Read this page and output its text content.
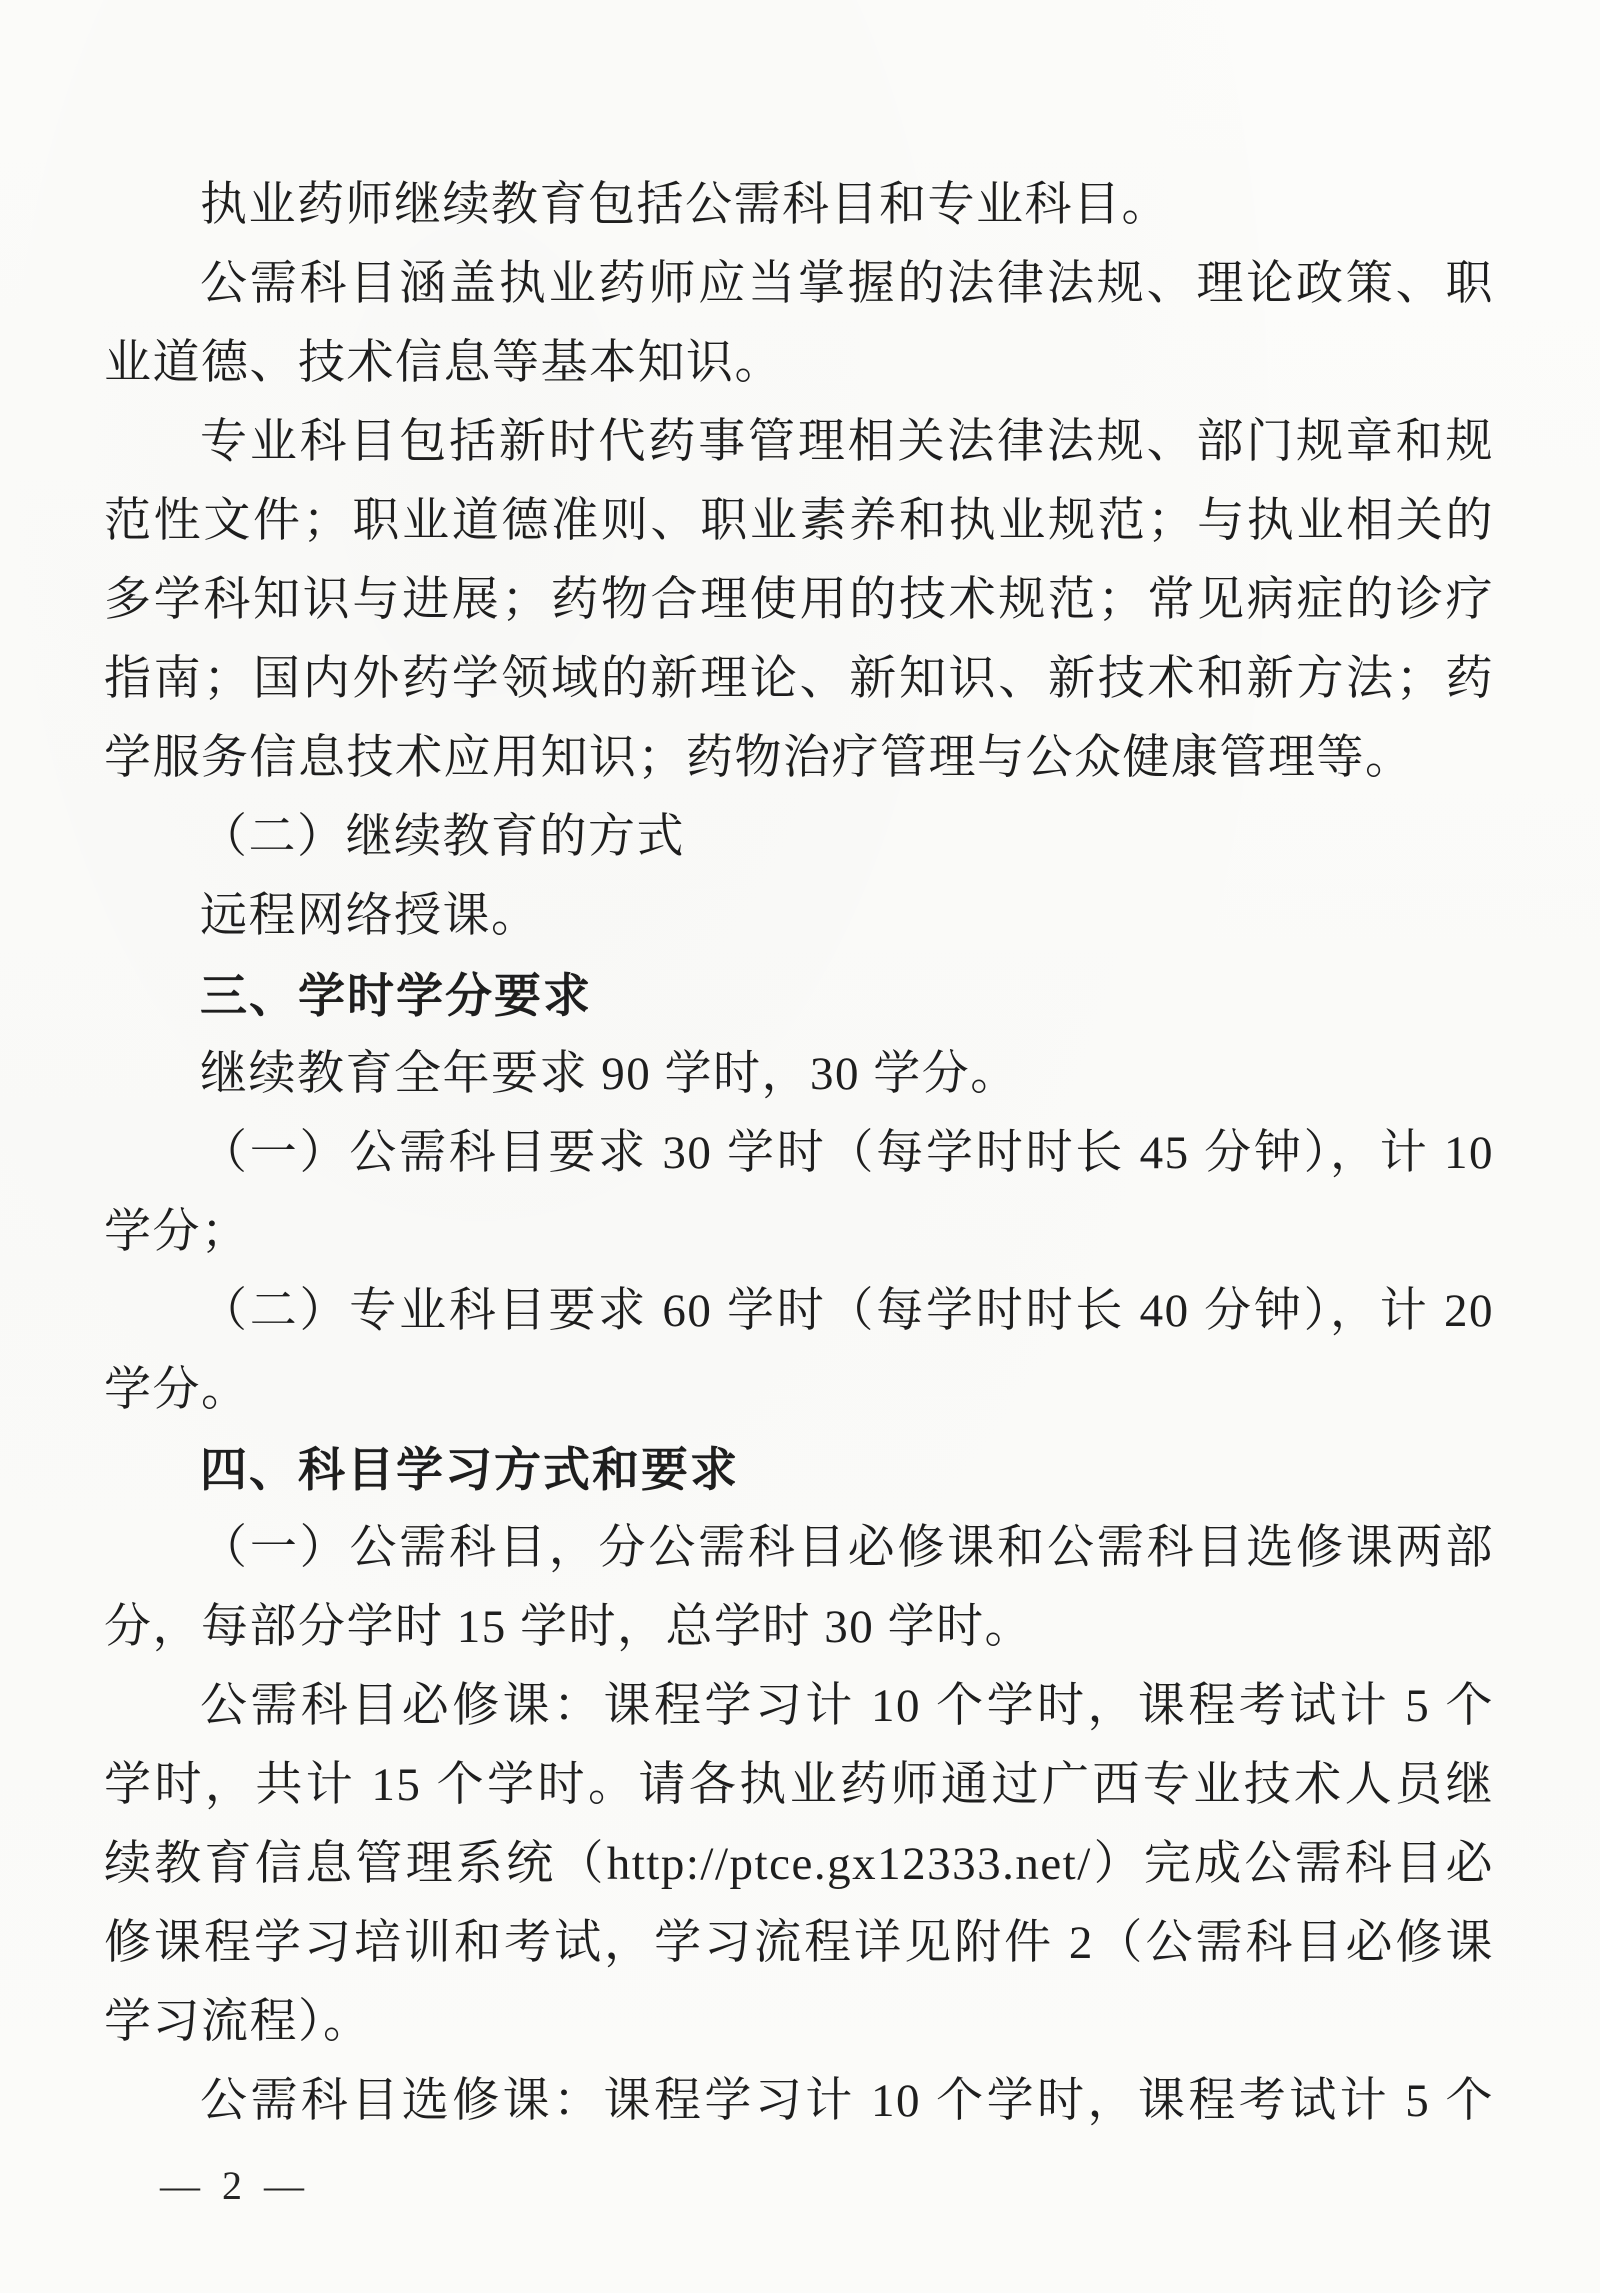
执业药师继续教育包括公需科目和专业科目。
公需科目涵盖执业药师应当掌握的法律法规、理论政策、职
业道德、技术信息等基本知识。
专业科目包括新时代药事管理相关法律法规、部门规章和规
范性文件；职业道德准则、职业素养和执业规范；与执业相关的
多学科知识与进展；药物合理使用的技术规范；常见病症的诊疗
指南；国内外药学领域的新理论、新知识、新技术和新方法；药
学服务信息技术应用知识；药物治疗管理与公众健康管理等。
（二）继续教育的方式
远程网络授课。
三、学时学分要求
继续教育全年要求 90 学时，30 学分。
（一）公需科目要求 30 学时（每学时时长 45 分钟），计 10
学分；
（二）专业科目要求 60 学时（每学时时长 40 分钟），计 20
学分。
四、科目学习方式和要求
（一）公需科目，分公需科目必修课和公需科目选修课两部
分，每部分学时 15 学时，总学时 30 学时。
公需科目必修课：课程学习计 10 个学时，课程考试计 5 个
学时，共计 15 个学时。请各执业药师通过广西专业技术人员继
续教育信息管理系统（http://ptce.gx12333.net/）完成公需科目必
修课程学习培训和考试，学习流程详见附件 2（公需科目必修课
学习流程）。
公需科目选修课：课程学习计 10 个学时，课程考试计 5 个
— 2 —
